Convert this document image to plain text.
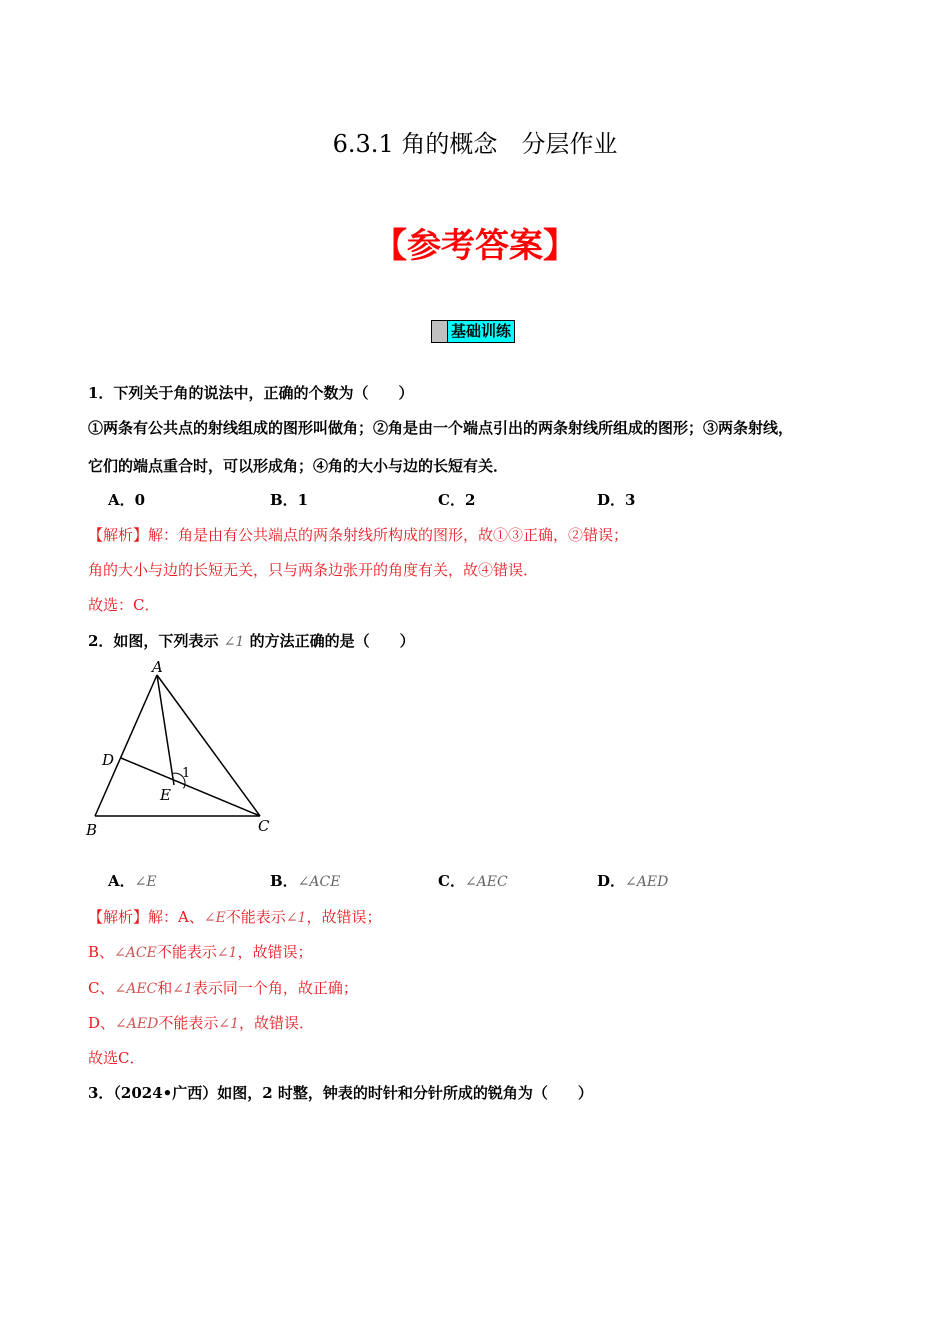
6.3.1 角的概念　分层作业
【参考答案】
基础训练
1．下列关于角的说法中，正确的个数为（　　）
①两条有公共点的射线组成的图形叫做角；②角是由一个端点引出的两条射线所组成的图形；③两条射线，
它们的端点重合时，可以形成角；④角的大小与边的长短有关．
A．0	B．1	C．2	D．3
【解析】解：角是由有公共端点的两条射线所构成的图形，故①③正确，②错误；
角的大小与边的长短无关，只与两条边张开的角度有关，故④错误．
故选：C．
2．如图，下列表示 ∠1 的方法正确的是（　　）
A
B	C
D
E
1
A．∠E	B．∠ACE	C．∠AEC	D．∠AED
【解析】解：A、∠E不能表示∠1，故错误；
B、∠ACE不能表示∠1，故错误；
C、∠AEC和∠1表示同一个角，故正确；
D、∠AED不能表示∠1，故错误．
故选C．
3．（2024•广西）如图，2 时整，钟表的时针和分针所成的锐角为（　　）
